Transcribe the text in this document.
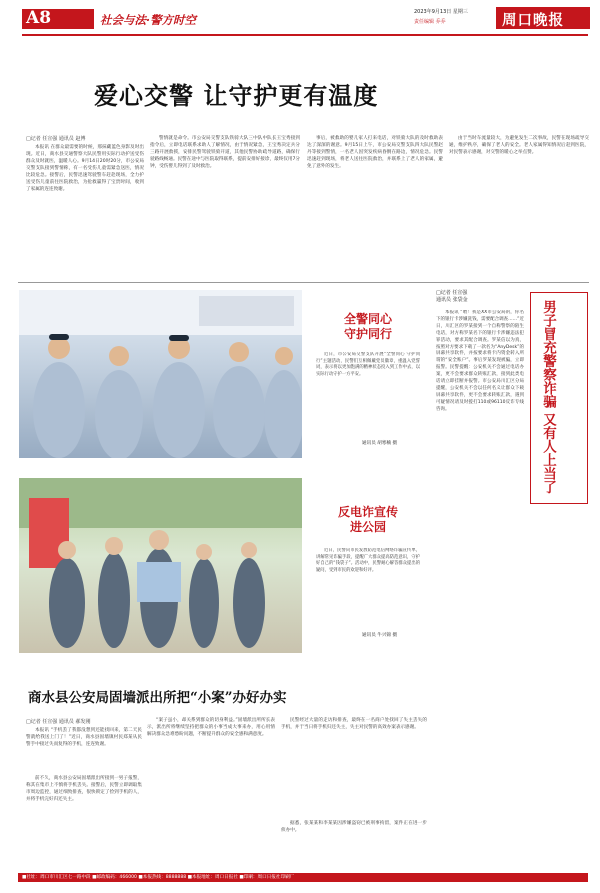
A8	社会与法·警方时空
2023年9月13日 星期三
责任编辑 乔乔	周口晚报
爱心交警 让守护更有温度
□记者 任宣强 通讯员 赵博
本报讯 在群众最需要的时候，那抹藏蓝色身影及时出现。近日，商水县交通警察大队民警用实际行动护送受伤群众及时就医，温暖人心。9月14日20时20分，市公安局交警支队接到警情称，有一名受伤儿童需紧急送医，情况比较危急。接警后，民警迅速驾驶警车赶赴现场，全力护送受伤儿童前往医院救治，为抢救赢得了宝贵时间，收到了家属的连连致谢。
警情就是命令。市公安局交警支队铁骑大队三中队中队长王宝秀接到指令后，立即电话联系求助人了解情况，由于情况紧急，王宝秀决定兵分三路开展救援，安排民警驾驶铁骑开道，其他民警协助疏导道路，确保行驶路线畅通。民警在途中与医院取得联系，提前安排好接诊，最终仅用7分钟，受伤婴儿得到了及时救治。
事后，被救助的婴儿家人打来电话，对铁骑大队的及时救助表达了深深的谢意。9月15日上午，市公安局交警支队四大队民警赵丹等接到警情，一名老人因突发疾病昏倒在路边，情况危急。民警迅速赶到现场，将老人送往医院救治，并联系上了老人的家属，避免了意外的发生。
由于当时车流量较大，为避免发生二次事故，民警在现场疏导交通，维护秩序，确保了老人的安全。老人家属得知情况后赶到医院，对民警表示感谢，对交警的暖心之举点赞。
全警同心
守护同行
近日，市公安局交警支队开展“全警同心 守护同行”主题活动，民警们互相佩戴党员徽章，重温入党誓词，表示将以更加饱满的精神状态投入到工作中去，以实际行动守护一方平安。
通讯员 胡寒楠 摄
反电诈宣传
进公园
近日，民警向市民发放防范电信网络诈骗宣传单，讲解常见诈骗手段，提醒广大群众提高防范意识，守护好自己的“钱袋子”。活动中，民警耐心解答群众提出的疑问，受到市民的欢迎和好评。
通讯员 牛兴锦 摄
□记者 任宣强
通讯员 张袋金	男子冒充警察诈骗 又有人上当了
本报讯 “喂！我是XX市公安局的，你名下的银行卡涉嫌洗钱，需要配合调查……”近日，川汇区的罗某接到一个自称警察的陌生电话，对方称罗某名下的银行卡涉嫌违法犯罪活动，要求其配合调查。罗某信以为真，按照对方要求下载了一款名为“AnyDesk”的屏幕共享软件，并按要求将卡内资金转入所谓的“安全账户”。事后罗某发现被骗，立即报警。民警提醒：公安机关不会通过电话办案，更不会要求群众转账汇款，接到此类电话请立即挂断并报警。市公安局川汇区分局提醒，公安机关不会以任何名义让群众下载屏幕共享软件，更不会要求转账汇款，遇到可疑情况请及时拨打110或96110反诈专线咨询。
商水县公安局固墙派出所把“小案”办好办实
□记者 任宣强 通讯员 郝发刚
本报讯 “手机丢了我都没想到还能找回来，第二天民警就给我送上门了！”近日，商水县固墙镇村民郑某从民警手中接过失而复得的手机，连连致谢。
前不久，商水县公安局固墙派出所接到一男子报警，称其在集市上不慎将手机丢失。接警后，民警立即调取集市周边监控，通过细致排查，很快锁定了捡到手机的人，并将手机完好归还失主。
“案子虽小，却关系到群众的切身利益。”固墙派出所所长表示，派出所将继续坚持把群众的小事当成大事来办，用心用情解决群众急难愁盼问题，不断提升群众的安全感和满意度。
民警经过大量的走访和排查，最终在一名商户处找回了失主丢失的手机，并于当日将手机归还失主，失主对民警的高效办案表示感谢。
据悉，张某某和李某某因涉嫌盗窃已被刑事拘留，案件正在进一步侦办中。
■社址：周口市川汇区七一路中段 ■邮政编码：466000 ■本报热线：8888888 ■本报地址：周口日报社 ■印刷：周口日报社印刷厂
